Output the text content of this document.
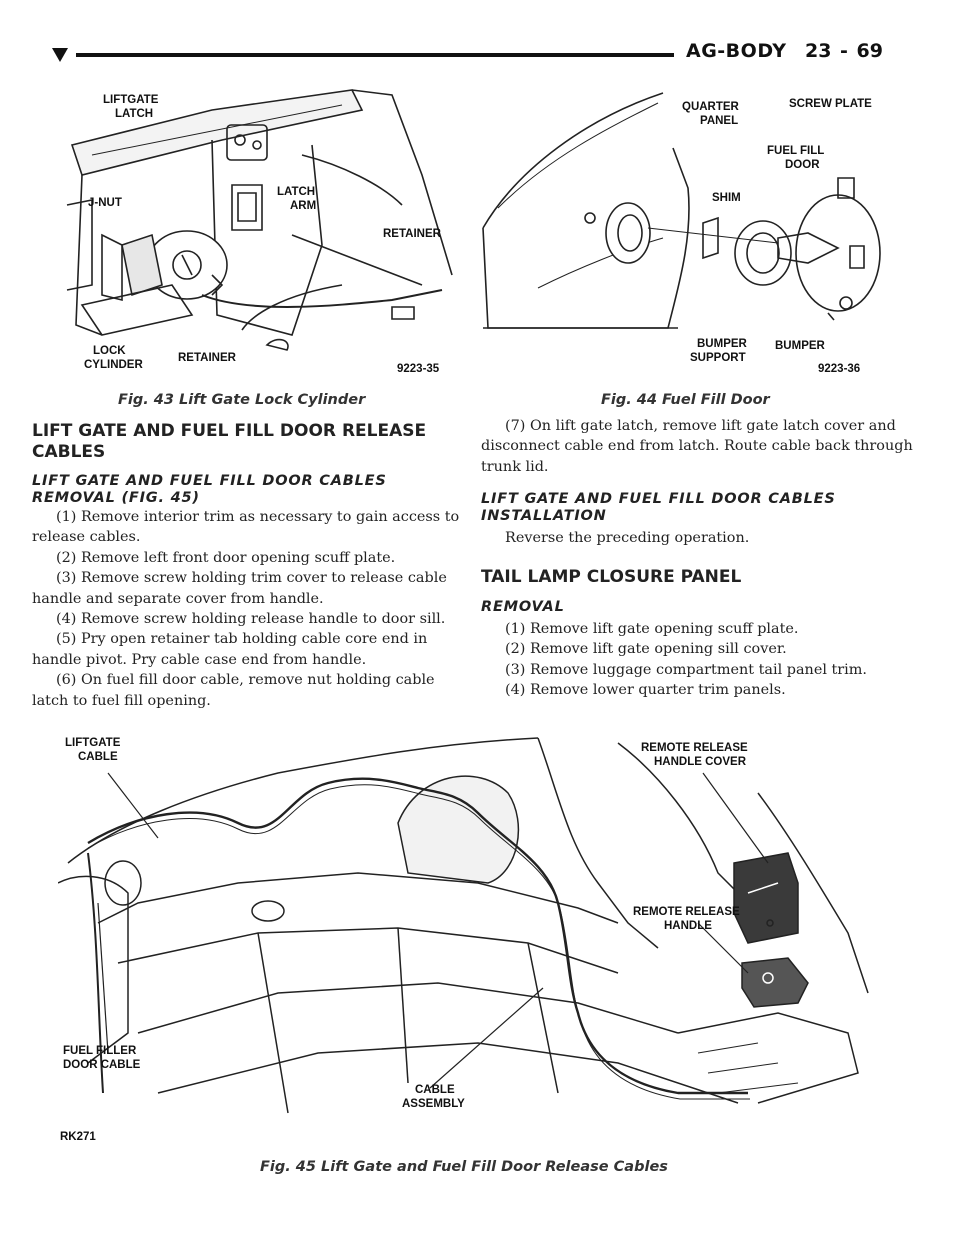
AG-BODY 23 - 69
LIFTGATE
LATCH
J-NUT
LATCH
ARM
RETAINER
LOCK
CYLINDER
RETAINER
9223-35
Fig. 43 Lift Gate Lock Cylinder
QUARTER
PANEL
SCREW PLATE
FUEL FILL
DOOR
SHIM
BUMPER
SUPPORT
BUMPER
9223-36
Fig. 44 Fuel Fill Door
LIFT GATE AND FUEL FILL DOOR RELEASE CABLES
LIFT GATE AND FUEL FILL DOOR CABLES
REMOVAL (FIG. 45)

(1) Remove interior trim as necessary to gain access to release cables.

(2) Remove left front door opening scuff plate.

(3) Remove screw holding trim cover to release cable handle and separate cover from handle.

(4) Remove screw holding release handle to door sill.

(5) Pry open retainer tab holding cable core end in handle pivot. Pry cable case end from handle.

(6) On fuel fill door cable, remove nut holding cable latch to fuel fill opening.

(7) On lift gate latch, remove lift gate latch cover and disconnect cable end from latch. Route cable back through trunk lid.

LIFT GATE AND FUEL FILL DOOR CABLES
INSTALLATION

Reverse the preceding operation.

TAIL LAMP CLOSURE PANEL
REMOVAL

(1) Remove lift gate opening scuff plate.

(2) Remove lift gate opening sill cover.

(3) Remove luggage compartment tail panel trim.

(4) Remove lower quarter trim panels.

LIFTGATE
CABLE
REMOTE RELEASE
HANDLE COVER
REMOTE RELEASE
HANDLE
FUEL FILLER
DOOR CABLE
CABLE
ASSEMBLY
RK271
Fig. 45 Lift Gate and Fuel Fill Door Release Cables
